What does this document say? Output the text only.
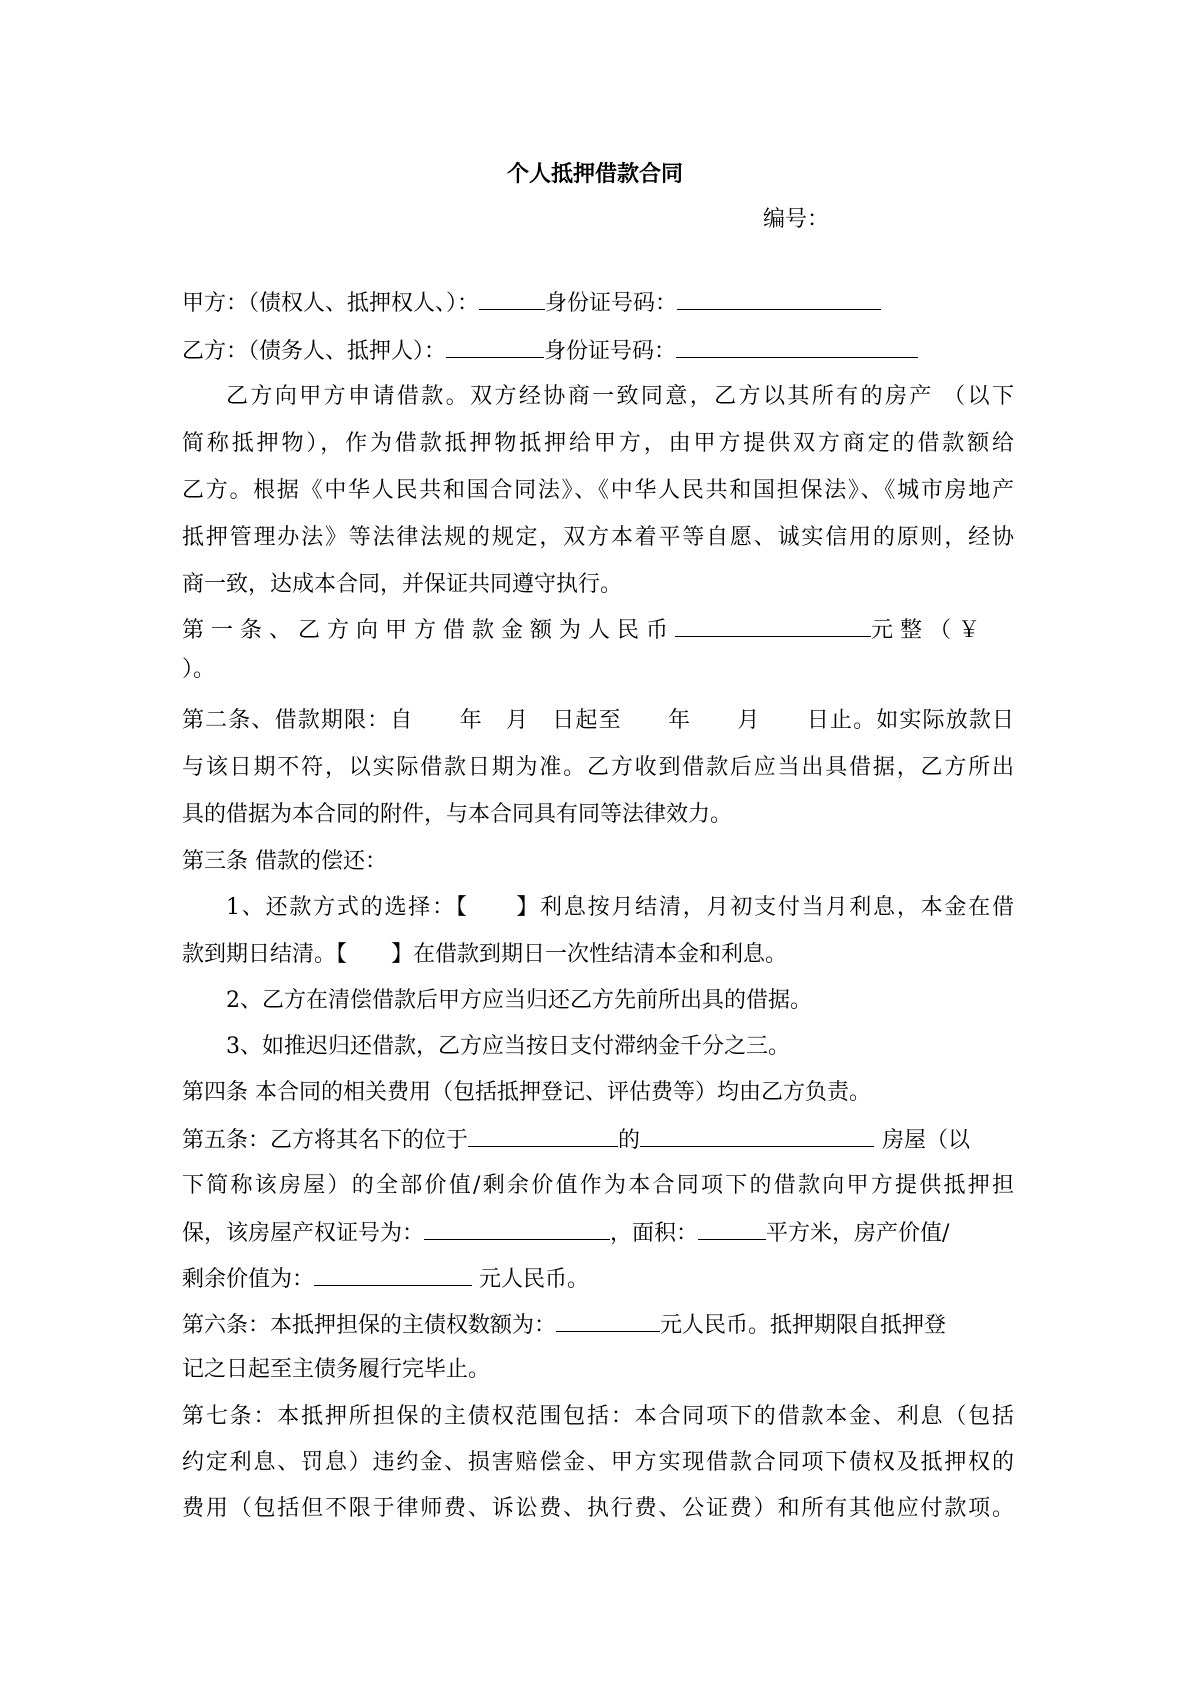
个人抵押借款合同
编号：
甲方：（债权人、抵押权人、）：	身份证号码：
乙方：（债务人、抵押人）：	身份证号码：
乙方向甲方申请借款。双方经协商一致同意，乙方以其所有的房产 （以下
简称抵押物），作为借款抵押物抵押给甲方，由甲方提供双方商定的借款额给
乙方。根据《中华人民共和国合同法》、《中华人民共和国担保法》、《城市房地产
抵押管理办法》等法律法规的规定，双方本着平等自愿、诚实信用的原则，经协
商一致，达成本合同，并保证共同遵守执行。
第一条、乙方向甲方借款金额为人民币	元整（￥
）。
第二条、借款期限：自　　年　月　日起至　　年　　月　　日止。如实际放款日
与该日期不符，以实际借款日期为准。乙方收到借款后应当出具借据，乙方所出
具的借据为本合同的附件，与本合同具有同等法律效力。
第三条 借款的偿还：
1、还款方式的选择：【　　】利息按月结清，月初支付当月利息，本金在借
款到期日结清。【　　】在借款到期日一次性结清本金和利息。
2、乙方在清偿借款后甲方应当归还乙方先前所出具的借据。
3、如推迟归还借款，乙方应当按日支付滞纳金千分之三。
第四条 本合同的相关费用（包括抵押登记、评估费等）均由乙方负责。
第五条：乙方将其名下的位于	的	房屋（以
下简称该房屋）的全部价值/剩余价值作为本合同项下的借款向甲方提供抵押担
保，该房屋产权证号为：	，面积：	平方米，房产价值/
剩余价值为：	元人民币。
第六条：本抵押担保的主债权数额为：	元人民币。抵押期限自抵押登
记之日起至主债务履行完毕止。
第七条：本抵押所担保的主债权范围包括：本合同项下的借款本金、利息（包括
约定利息、罚息）违约金、损害赔偿金、甲方实现借款合同项下债权及抵押权的
费用（包括但不限于律师费、诉讼费、执行费、公证费）和所有其他应付款项。
